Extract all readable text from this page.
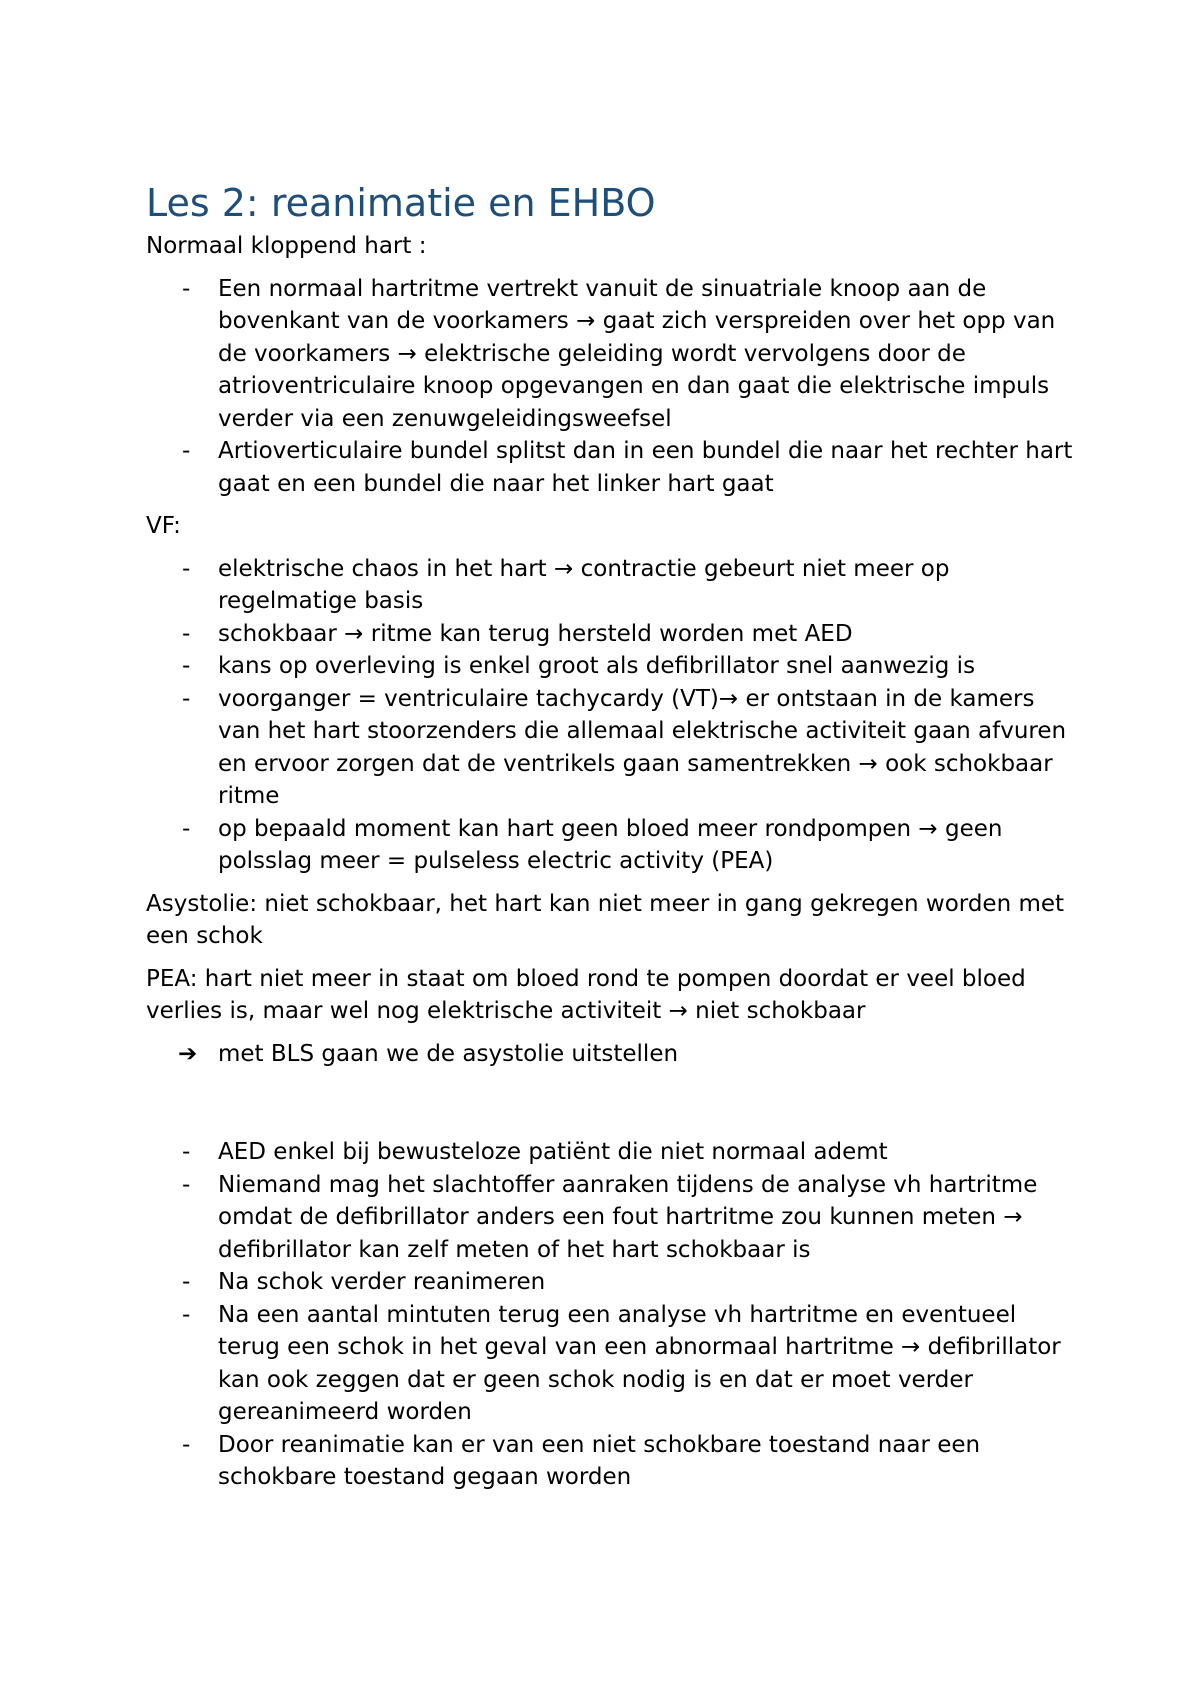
Les 2: reanimatie en EHBO

Normaal kloppend hart :

- Een normaal hartritme vertrekt vanuit de sinuatriale knoop aan de bovenkant van de voorkamers → gaat zich verspreiden over het opp van de voorkamers → elektrische geleiding wordt vervolgens door de atrioventriculaire knoop opgevangen en dan gaat die elektrische impuls verder via een zenuwgeleidingsweefsel
- Artioverticulaire bundel splitst dan in een bundel die naar het rechter hart gaat en een bundel die naar het linker hart gaat

VF:

- elektrische chaos in het hart → contractie gebeurt niet meer op regelmatige basis
- schokbaar → ritme kan terug hersteld worden met AED
- kans op overleving is enkel groot als defibrillator snel aanwezig is
- voorganger = ventriculaire tachycardy (VT)→ er ontstaan in de kamers van het hart stoorzenders die allemaal elektrische activiteit gaan afvuren en ervoor zorgen dat de ventrikels gaan samentrekken → ook schokbaar ritme
- op bepaald moment kan hart geen bloed meer rondpompen → geen polsslag meer = pulseless electric activity (PEA)

Asystolie: niet schokbaar, het hart kan niet meer in gang gekregen worden met een schok

PEA: hart niet meer in staat om bloed rond te pompen doordat er veel bloed verlies is, maar wel nog elektrische activiteit → niet schokbaar

➔ met BLS gaan we de asystolie uitstellen
- AED enkel bij bewusteloze patiënt die niet normaal ademt
- Niemand mag het slachtoffer aanraken tijdens de analyse vh hartritme omdat de defibrillator anders een fout hartritme zou kunnen meten → defibrillator kan zelf meten of het hart schokbaar is
- Na schok verder reanimeren
- Na een aantal mintuten terug een analyse vh hartritme en eventueel terug een schok in het geval van een abnormaal hartritme → defibrillator kan ook zeggen dat er geen schok nodig is en dat er moet verder gereanimeerd worden
- Door reanimatie kan er van een niet schokbare toestand naar een schokbare toestand gegaan worden
